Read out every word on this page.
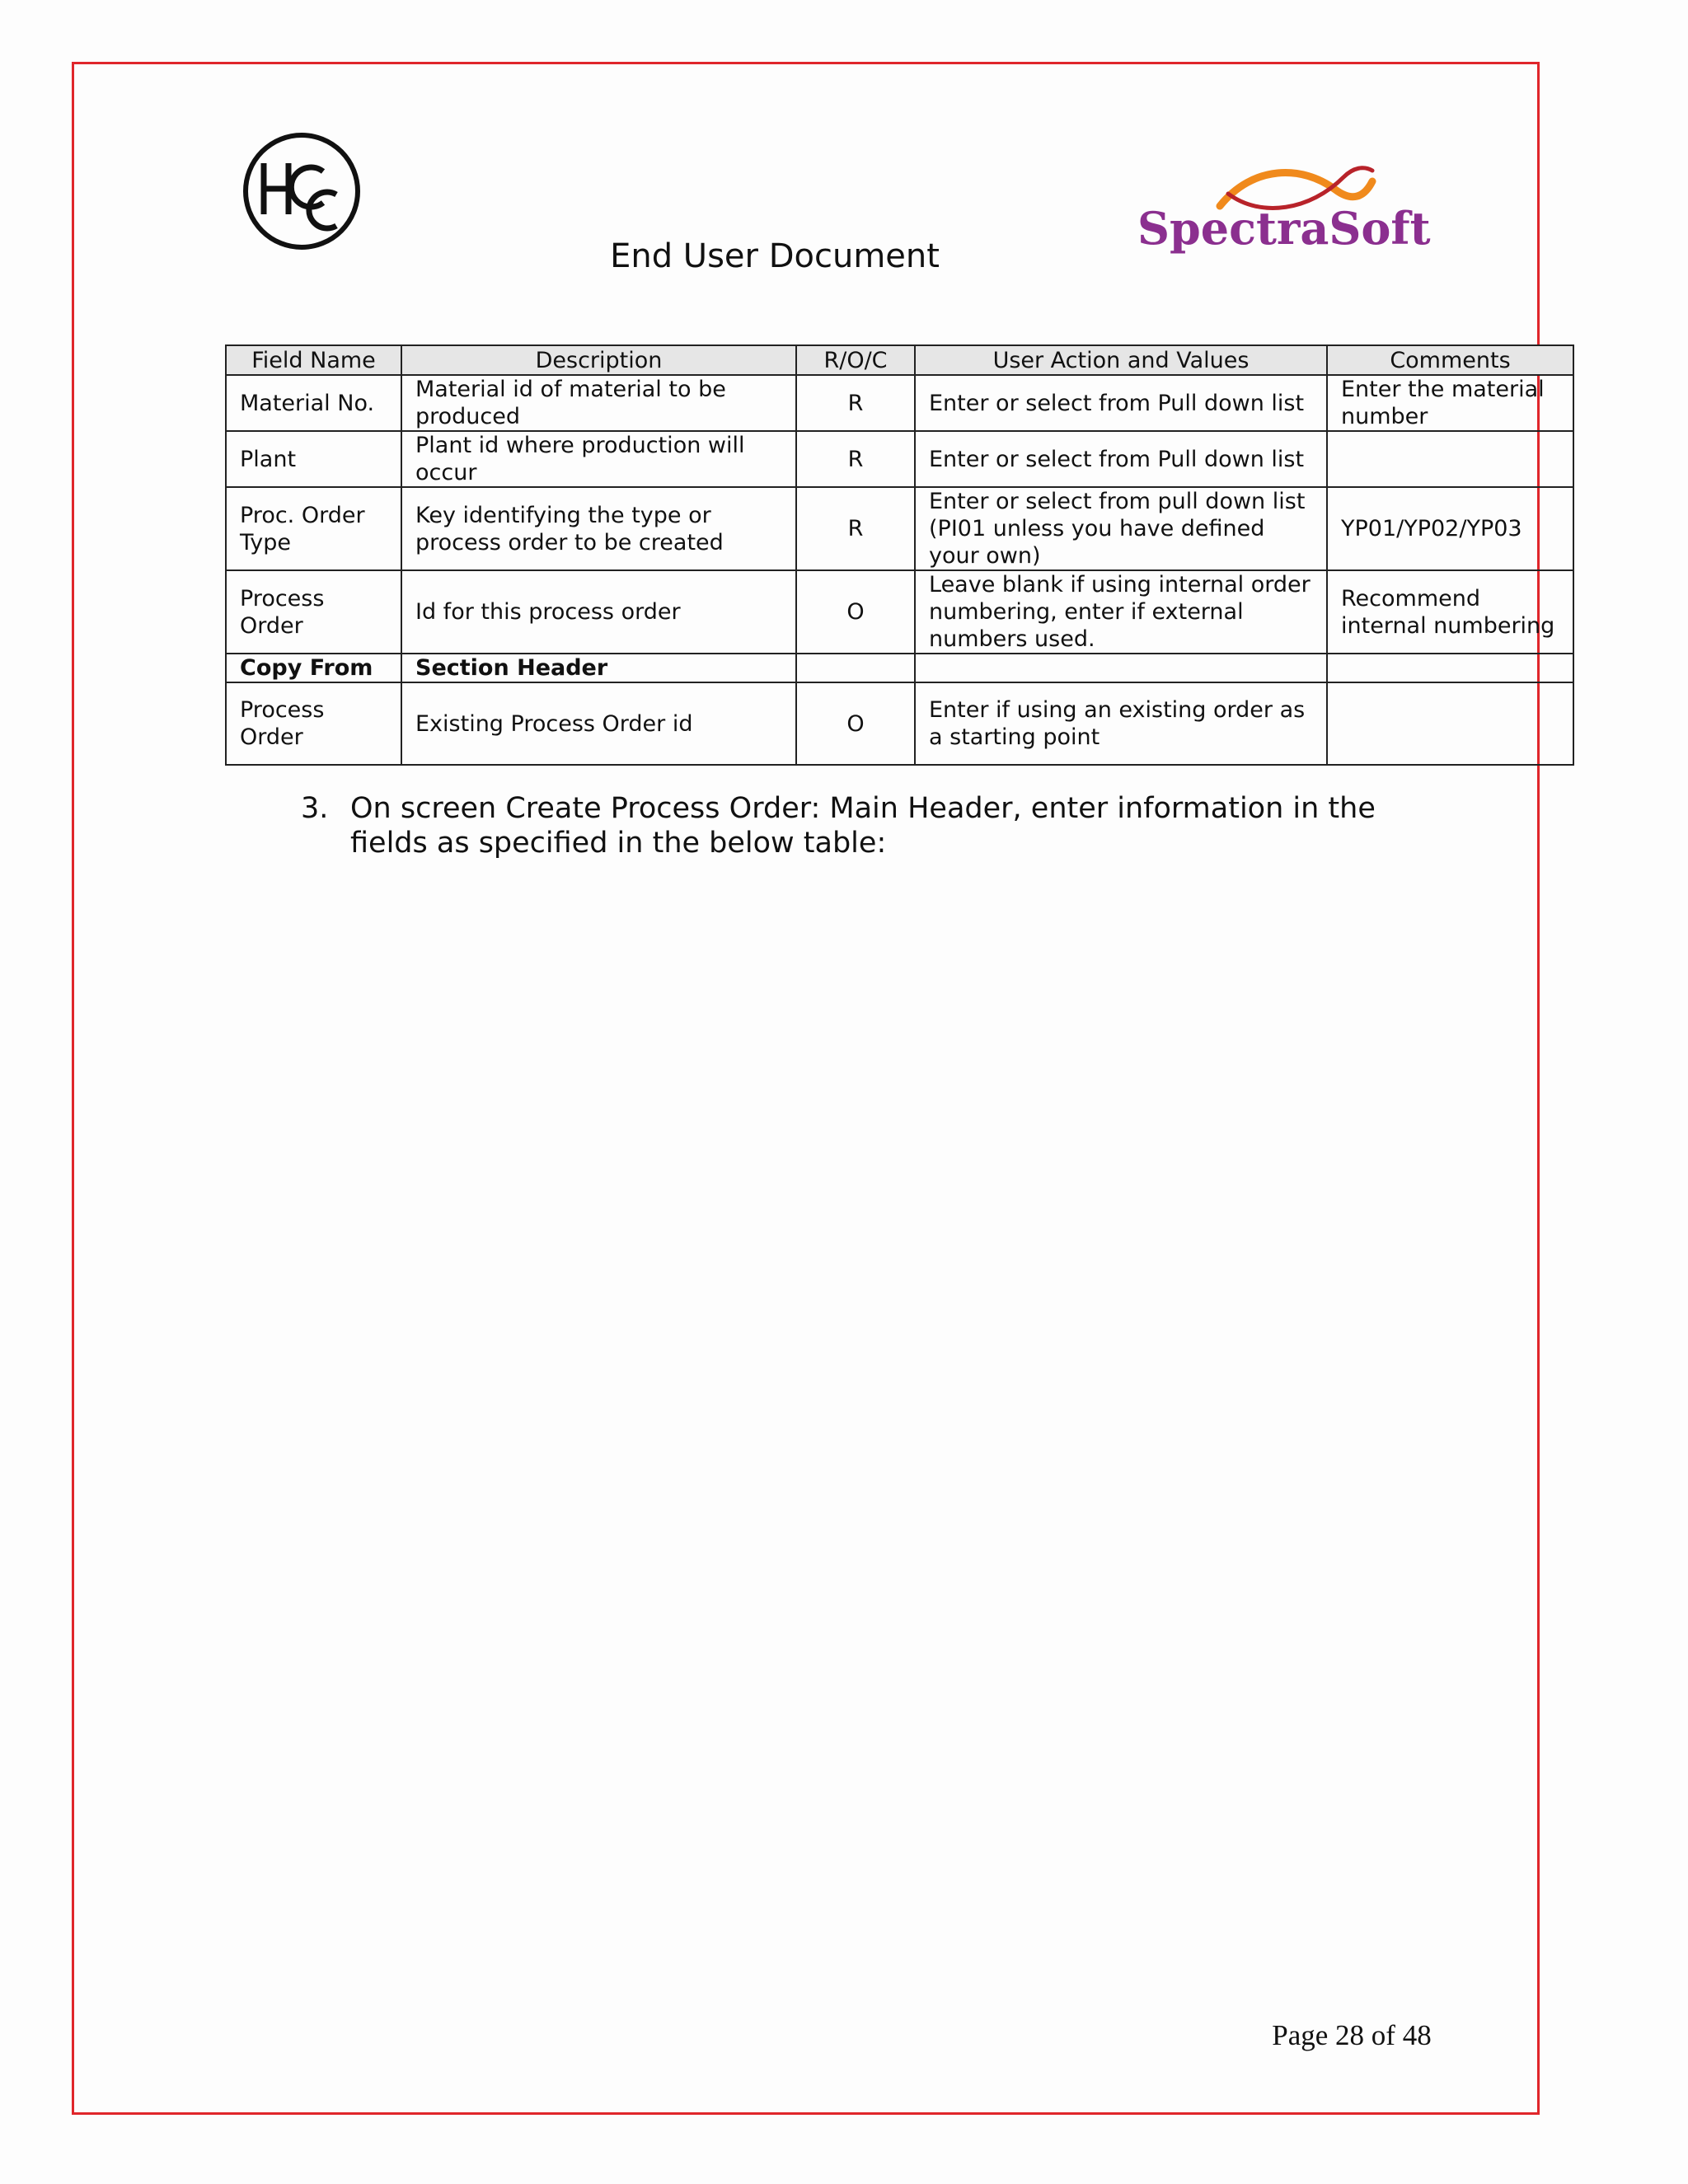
End User Document
SpectraSoft
Field Name	Description	R/O/C	User Action and Values	Comments
Material No.	Material id of material to be produced	R	Enter or select from Pull down list	Enter the material number
Plant	Plant id where production will occur	R	Enter or select from Pull down list	
Proc. Order Type	Key identifying the type or process order to be created	R	Enter or select from pull down list (PI01 unless you have defined your own)	YP01/YP02/YP03
Process Order	Id for this process order	O	Leave blank if using internal order numbering, enter if external numbers used.	Recommend internal numbering
Copy From	Section Header			
Process Order	Existing Process Order id	O	Enter if using an existing order as a starting point	
3. On screen Create Process Order: Main Header, enter information in the fields as specified in the below table:
Page 28 of 48
